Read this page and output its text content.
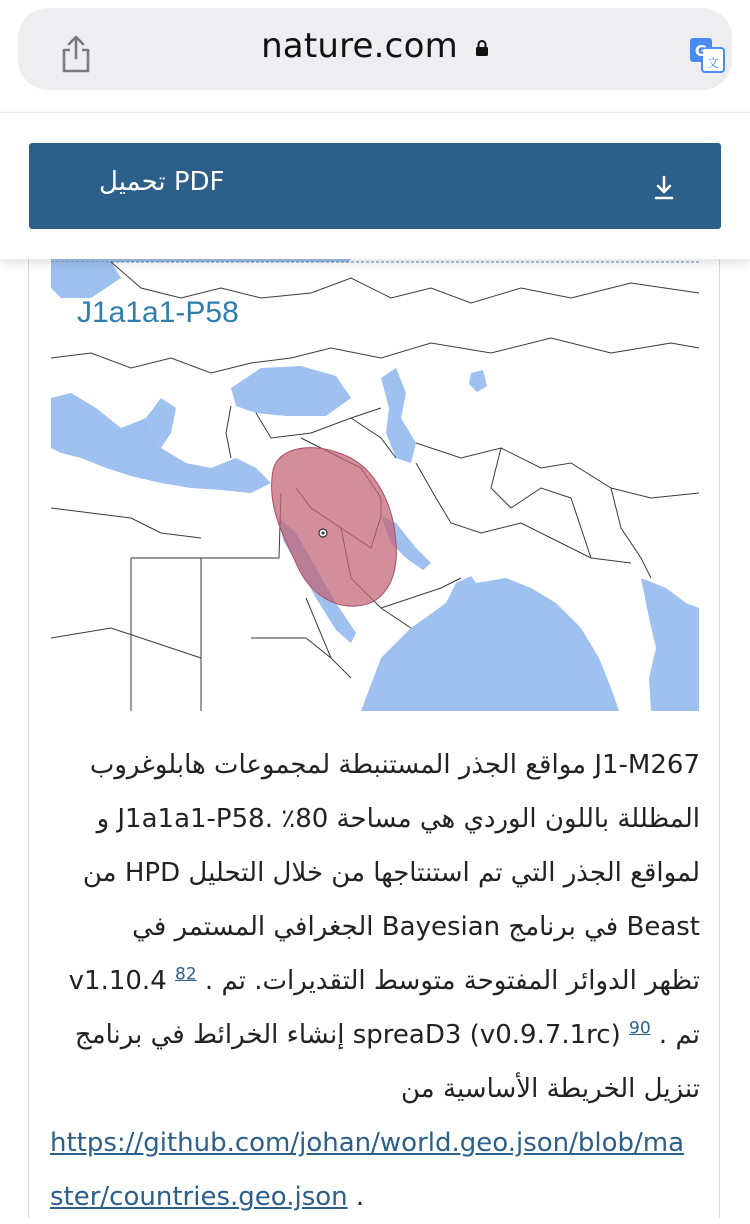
nature.com	G
文
تحميل PDF
J1a1a1-P58

J1-M267 مواقع الجذر المستنبطة لمجموعات هابلوغروب

المظللة باللون الوردي هي مساحة 80٪ .J1a1a1-P58 و

لمواقع الجذر التي تم استنتاجها من خلال التحليل HPD من

Beast في برنامج Bayesian الجغرافي المستمر في

تظهر الدوائر المفتوحة متوسط التقديرات. تم . $^{82}$ v1.10.4

تم . $^{90}$ (v0.9.7.1rc) spreaD3 إنشاء الخرائط في برنامج

تنزيل الخريطة الأساسية من

https://github.com/johan/world.geo.json/blob/ma

ster/countries.geo.json .
